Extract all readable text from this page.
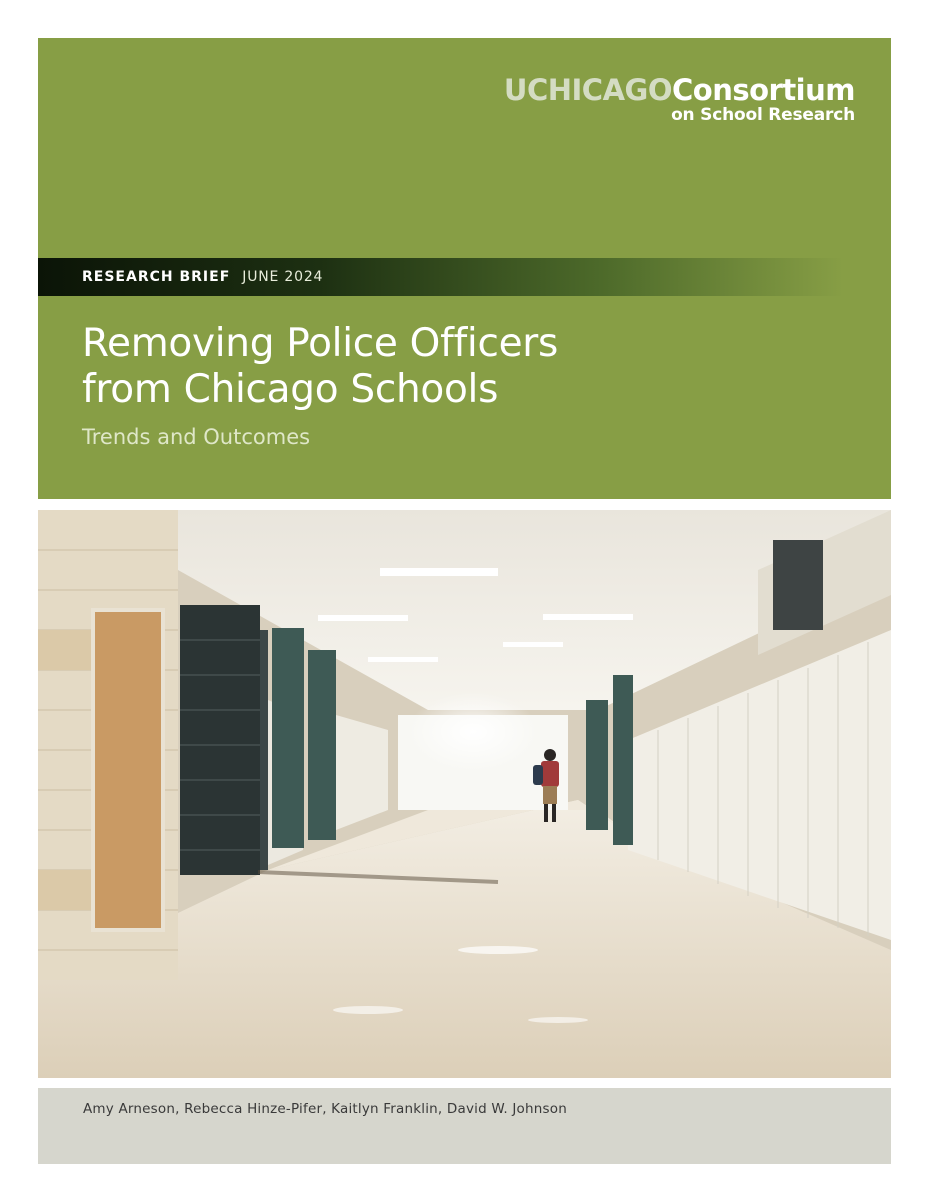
UCHICAGOConsortium
on School Research
RESEARCH BRIEF JUNE 2024
Removing Police Officers
from Chicago Schools
Trends and Outcomes
Amy Arneson, Rebecca Hinze-Pifer, Kaitlyn Franklin, David W. Johnson
